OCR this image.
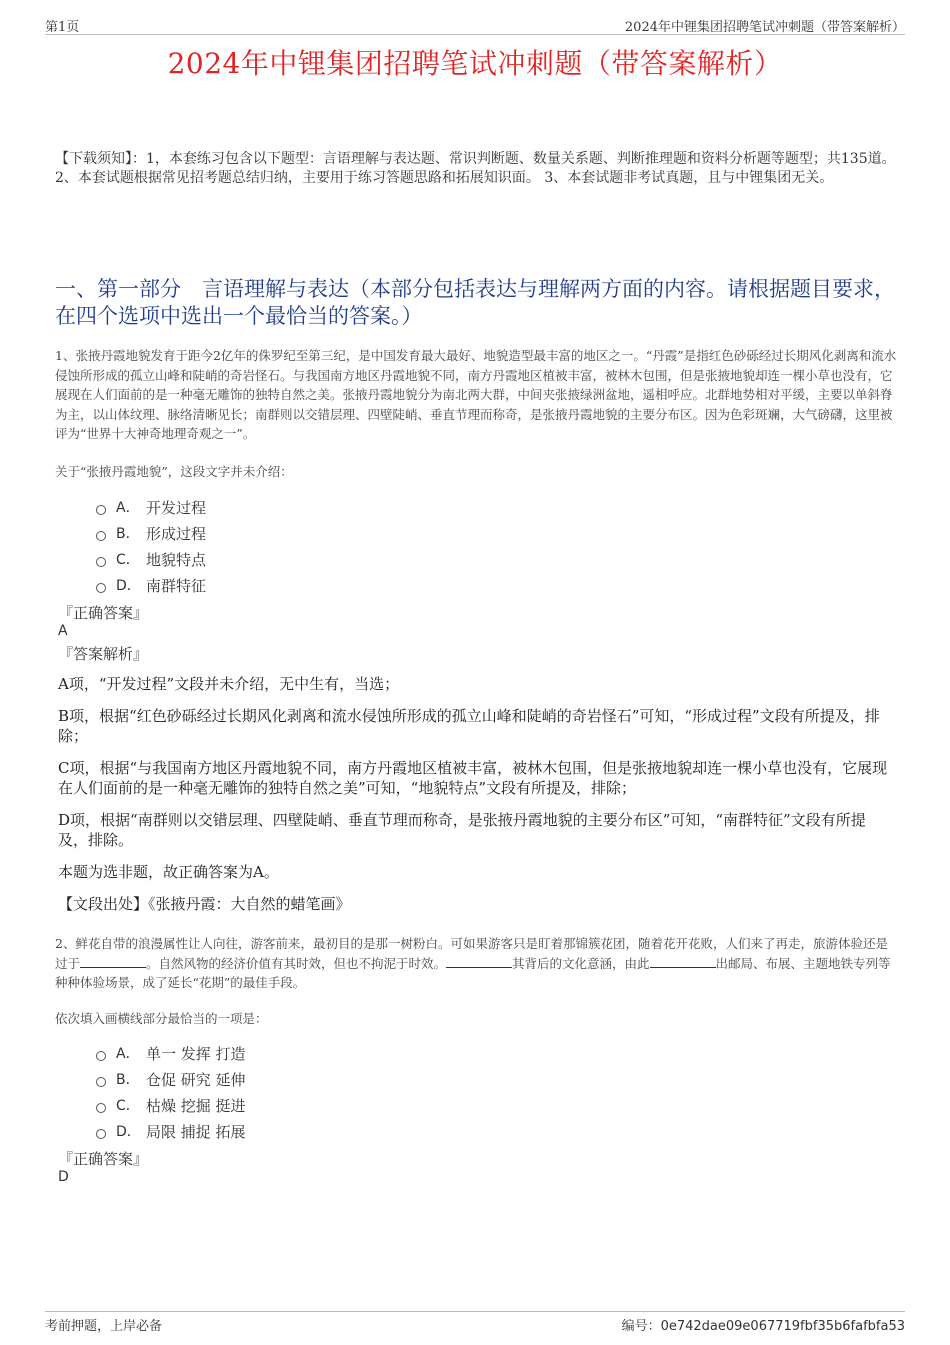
第1页	2024年中锂集团招聘笔试冲刺题（带答案解析）
2024年中锂集团招聘笔试冲刺题（带答案解析）
【下载须知】：1，本套练习包含以下题型：言语理解与表达题、常识判断题、数量关系题、判断推理题和资料分析题等题型；共135道。 2、本套试题根据常见招考题总结归纳，主要用于练习答题思路和拓展知识面。 3、本套试题非考试真题，且与中锂集团无关。
一、第一部分　言语理解与表达（本部分包括表达与理解两方面的内容。请根据题目要求，在四个选项中选出一个最恰当的答案。）
1、张掖丹霞地貌发育于距今2亿年的侏罗纪至第三纪，是中国发育最大最好、地貌造型最丰富的地区之一。“丹霞”是指红色砂砾经过长期风化剥离和流水侵蚀所形成的孤立山峰和陡峭的奇岩怪石。与我国南方地区丹霞地貌不同，南方丹霞地区植被丰富，被林木包围，但是张掖地貌却连一棵小草也没有，它展现在人们面前的是一种毫无雕饰的独特自然之美。张掖丹霞地貌分为南北两大群，中间夹张掖绿洲盆地，遥相呼应。北群地势相对平缓，主要以单斜脊为主，以山体纹理、脉络清晰见长；南群则以交错层理、四壁陡峭、垂直节理而称奇，是张掖丹霞地貌的主要分布区。因为色彩斑斓，大气磅礴，这里被评为“世界十大神奇地理奇观之一”。
关于“张掖丹霞地貌”，这段文字并未介绍：
A． 开发过程
B． 形成过程
C． 地貌特点
D． 南群特征
『正确答案』
A
『答案解析』

A项，“开发过程”文段并未介绍，无中生有，当选；

B项，根据“红色砂砾经过长期风化剥离和流水侵蚀所形成的孤立山峰和陡峭的奇岩怪石”可知，“形成过程”文段有所提及，排除；

C项，根据“与我国南方地区丹霞地貌不同，南方丹霞地区植被丰富，被林木包围，但是张掖地貌却连一棵小草也没有，它展现在人们面前的是一种毫无雕饰的独特自然之美”可知，“地貌特点”文段有所提及，排除；

D项，根据“南群则以交错层理、四壁陡峭、垂直节理而称奇，是张掖丹霞地貌的主要分布区”可知，“南群特征”文段有所提及，排除。

本题为选非题，故正确答案为A。

【文段出处】《张掖丹霞：大自然的蜡笔画》

2、鲜花自带的浪漫属性让人向往，游客前来，最初目的是那一树粉白。可如果游客只是盯着那锦簇花团，随着花开花败，人们来了再走，旅游体验还是过于	。自然风物的经济价值有其时效，但也不拘泥于时效。	其背后的文化意涵，由此	出邮局、布展、主题地铁专列等种种体验场景，成了延长“花期”的最佳手段。
依次填入画横线部分最恰当的一项是：
A． 单一 发挥 打造
B． 仓促 研究 延伸
C． 枯燥 挖掘 挺进
D． 局限 捕捉 拓展
『正确答案』
D
考前押题，上岸必备	编号：0e742dae09e067719fbf35b6fafbfa53
